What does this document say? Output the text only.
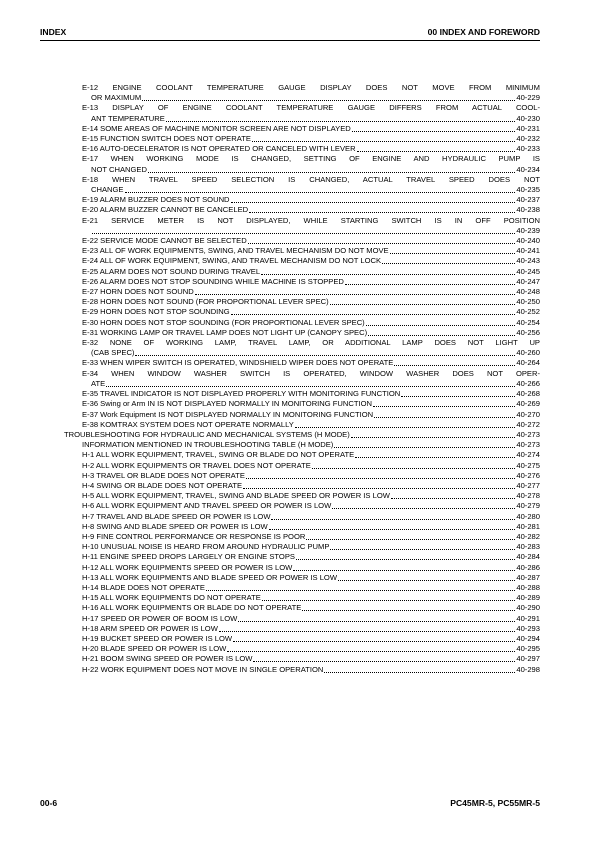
INDEX	00 INDEX AND FOREWORD
E-12 ENGINE COOLANT TEMPERATURE GAUGE DISPLAY DOES NOT MOVE FROM MINIMUM
OR MAXIMUM	40-229
E-13 DISPLAY OF ENGINE COOLANT TEMPERATURE GAUGE DIFFERS FROM ACTUAL COOL-
ANT TEMPERATURE	40-230
E-14 SOME AREAS OF MACHINE MONITOR SCREEN ARE NOT DISPLAYED	40-231
E-15 FUNCTION SWITCH DOES NOT OPERATE	40-232
E-16 AUTO-DECELERATOR IS NOT OPERATED OR CANCELED WITH LEVER	40-233
E-17 WHEN WORKING MODE IS CHANGED, SETTING OF ENGINE AND HYDRAULIC PUMP IS
NOT CHANGED	40-234
E-18 WHEN TRAVEL SPEED SELECTION IS CHANGED, ACTUAL TRAVEL SPEED DOES NOT
CHANGE	40-235
E-19 ALARM BUZZER DOES NOT SOUND	40-237
E-20 ALARM BUZZER CANNOT BE CANCELED	40-238
E-21 SERVICE METER IS NOT DISPLAYED, WHILE STARTING SWITCH IS IN OFF POSITION
40-239
E-22 SERVICE MODE CANNOT BE SELECTED	40-240
E-23 ALL OF WORK EQUIPMENTS, SWING, AND TRAVEL MECHANISM DO NOT MOVE	40-241
E-24 ALL OF WORK EQUIPMENT, SWING, AND TRAVEL MECHANISM DO NOT LOCK	40-243
E-25 ALARM DOES NOT SOUND DURING TRAVEL	40-245
E-26 ALARM DOES NOT STOP SOUNDING WHILE MACHINE IS STOPPED	40-247
E-27 HORN DOES NOT SOUND	40-248
E-28 HORN DOES NOT SOUND (FOR PROPORTIONAL LEVER SPEC)	40-250
E-29 HORN DOES NOT STOP SOUNDING	40-252
E-30 HORN DOES NOT STOP SOUNDING (FOR PROPORTIONAL LEVER SPEC)	40-254
E-31 WORKING LAMP OR TRAVEL LAMP DOES NOT LIGHT UP (CANOPY SPEC)	40-256
E-32 NONE OF WORKING LAMP, TRAVEL LAMP, OR ADDITIONAL LAMP DOES NOT LIGHT UP
(CAB SPEC)	40-260
E-33 WHEN WIPER SWITCH IS OPERATED, WINDSHIELD WIPER DOES NOT OPERATE	40-264
E-34 WHEN WINDOW WASHER SWITCH IS OPERATED, WINDOW WASHER DOES NOT OPER-
ATE	40-266
E-35 TRAVEL INDICATOR IS NOT DISPLAYED PROPERLY WITH MONITORING FUNCTION	40-268
E-36 Swing or Arm IN IS NOT DISPLAYED NORMALLY IN MONITORING FUNCTION	40-269
E-37 Work Equipment IS NOT DISPLAYED NORMALLY IN MONITORING FUNCTION	40-270
E-38 KOMTRAX SYSTEM DOES NOT OPERATE NORMALLY	40-272
TROUBLESHOOTING FOR HYDRAULIC AND MECHANICAL SYSTEMS (H MODE)	40-273
INFORMATION MENTIONED IN TROUBLESHOOTING TABLE (H MODE)	40-273
H-1 ALL WORK EQUIPMENT, TRAVEL, SWING OR BLADE DO NOT OPERATE	40-274
H-2 ALL WORK EQUIPMENTS OR TRAVEL DOES NOT OPERATE	40-275
H-3 TRAVEL OR BLADE DOES NOT OPERATE	40-276
H-4 SWING OR BLADE DOES NOT OPERATE	40-277
H-5 ALL WORK EQUIPMENT, TRAVEL, SWING AND BLADE SPEED OR POWER IS LOW	40-278
H-6 ALL WORK EQUIPMENT AND TRAVEL SPEED OR POWER IS LOW	40-279
H-7 TRAVEL AND BLADE SPEED OR POWER IS LOW	40-280
H-8 SWING AND BLADE SPEED OR POWER IS LOW	40-281
H-9 FINE CONTROL PERFORMANCE OR RESPONSE IS POOR	40-282
H-10 UNUSUAL NOISE IS HEARD FROM AROUND HYDRAULIC PUMP	40-283
H-11 ENGINE SPEED DROPS LARGELY OR ENGINE STOPS	40-284
H-12 ALL WORK EQUIPMENTS SPEED OR POWER IS LOW	40-286
H-13 ALL WORK EQUIPMENTS AND BLADE SPEED OR POWER IS LOW	40-287
H-14 BLADE DOES NOT OPERATE	40-288
H-15 ALL WORK EQUIPMENTS DO NOT OPERATE	40-289
H-16 ALL WORK EQUIPMENTS OR BLADE DO NOT OPERATE	40-290
H-17 SPEED OR POWER OF BOOM IS LOW	40-291
H-18 ARM SPEED OR POWER IS LOW	40-293
H-19 BUCKET SPEED OR POWER IS LOW	40-294
H-20 BLADE SPEED OR POWER IS LOW	40-295
H-21 BOOM SWING SPEED OR POWER IS LOW	40-297
H-22 WORK EQUIPMENT DOES NOT MOVE IN SINGLE OPERATION	40-298
00-6	PC45MR-5, PC55MR-5
